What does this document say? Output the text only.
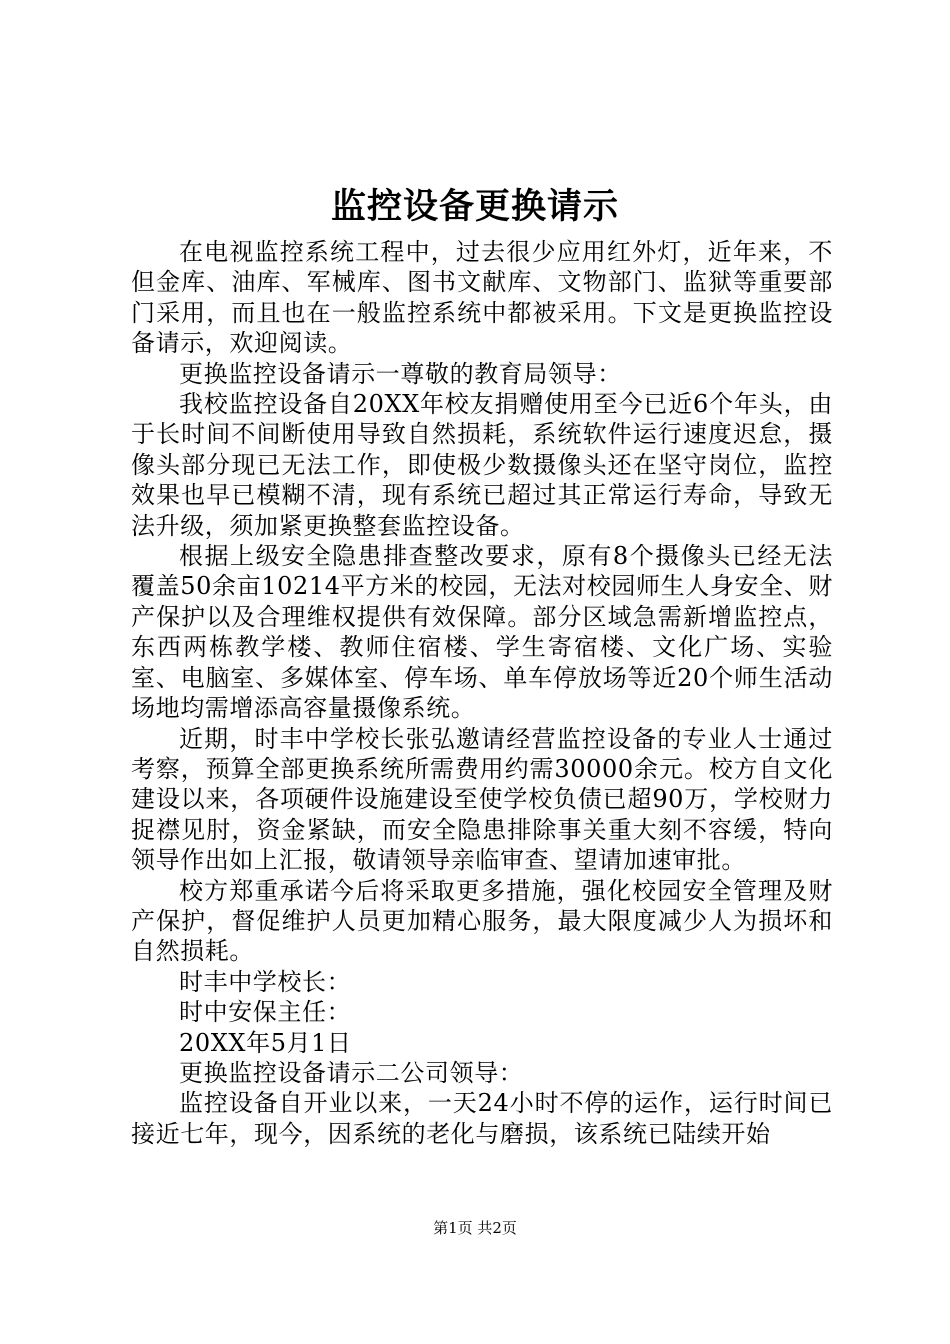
监控设备更换请示

在电视监控系统工程中，过去很少应用红外灯，近年来，不但金库、油库、军械库、图书文献库、文物部门、监狱等重要部门采用，而且也在一般监控系统中都被采用。下文是更换监控设备请示，欢迎阅读。

更换监控设备请示一尊敬的教育局领导：

我校监控设备自20XX年校友捐赠使用至今已近6个年头，由于长时间不间断使用导致自然损耗，系统软件运行速度迟怠，摄像头部分现已无法工作，即使极少数摄像头还在坚守岗位，监控效果也早已模糊不清，现有系统已超过其正常运行寿命，导致无法升级，须加紧更换整套监控设备。

根据上级安全隐患排查整改要求，原有8个摄像头已经无法覆盖50余亩10214平方米的校园，无法对校园师生人身安全、财产保护以及合理维权提供有效保障。部分区域急需新增监控点，东西两栋教学楼、教师住宿楼、学生寄宿楼、文化广场、实验室、电脑室、多媒体室、停车场、单车停放场等近20个师生活动场地均需增添高容量摄像系统。

近期，时丰中学校长张弘邀请经营监控设备的专业人士通过考察，预算全部更换系统所需费用约需30000余元。校方自文化建设以来，各项硬件设施建设至使学校负债已超90万，学校财力捉襟见肘，资金紧缺，而安全隐患排除事关重大刻不容缓，特向领导作出如上汇报，敬请领导亲临审查、望请加速审批。

校方郑重承诺今后将采取更多措施，强化校园安全管理及财产保护，督促维护人员更加精心服务，最大限度减少人为损坏和自然损耗。

时丰中学校长：

时中安保主任：

20XX年5月1日

更换监控设备请示二公司领导：

监控设备自开业以来，一天24小时不停的运作，运行时间已接近七年，现今，因系统的老化与磨损，该系统已陆续开始

第1页 共2页
